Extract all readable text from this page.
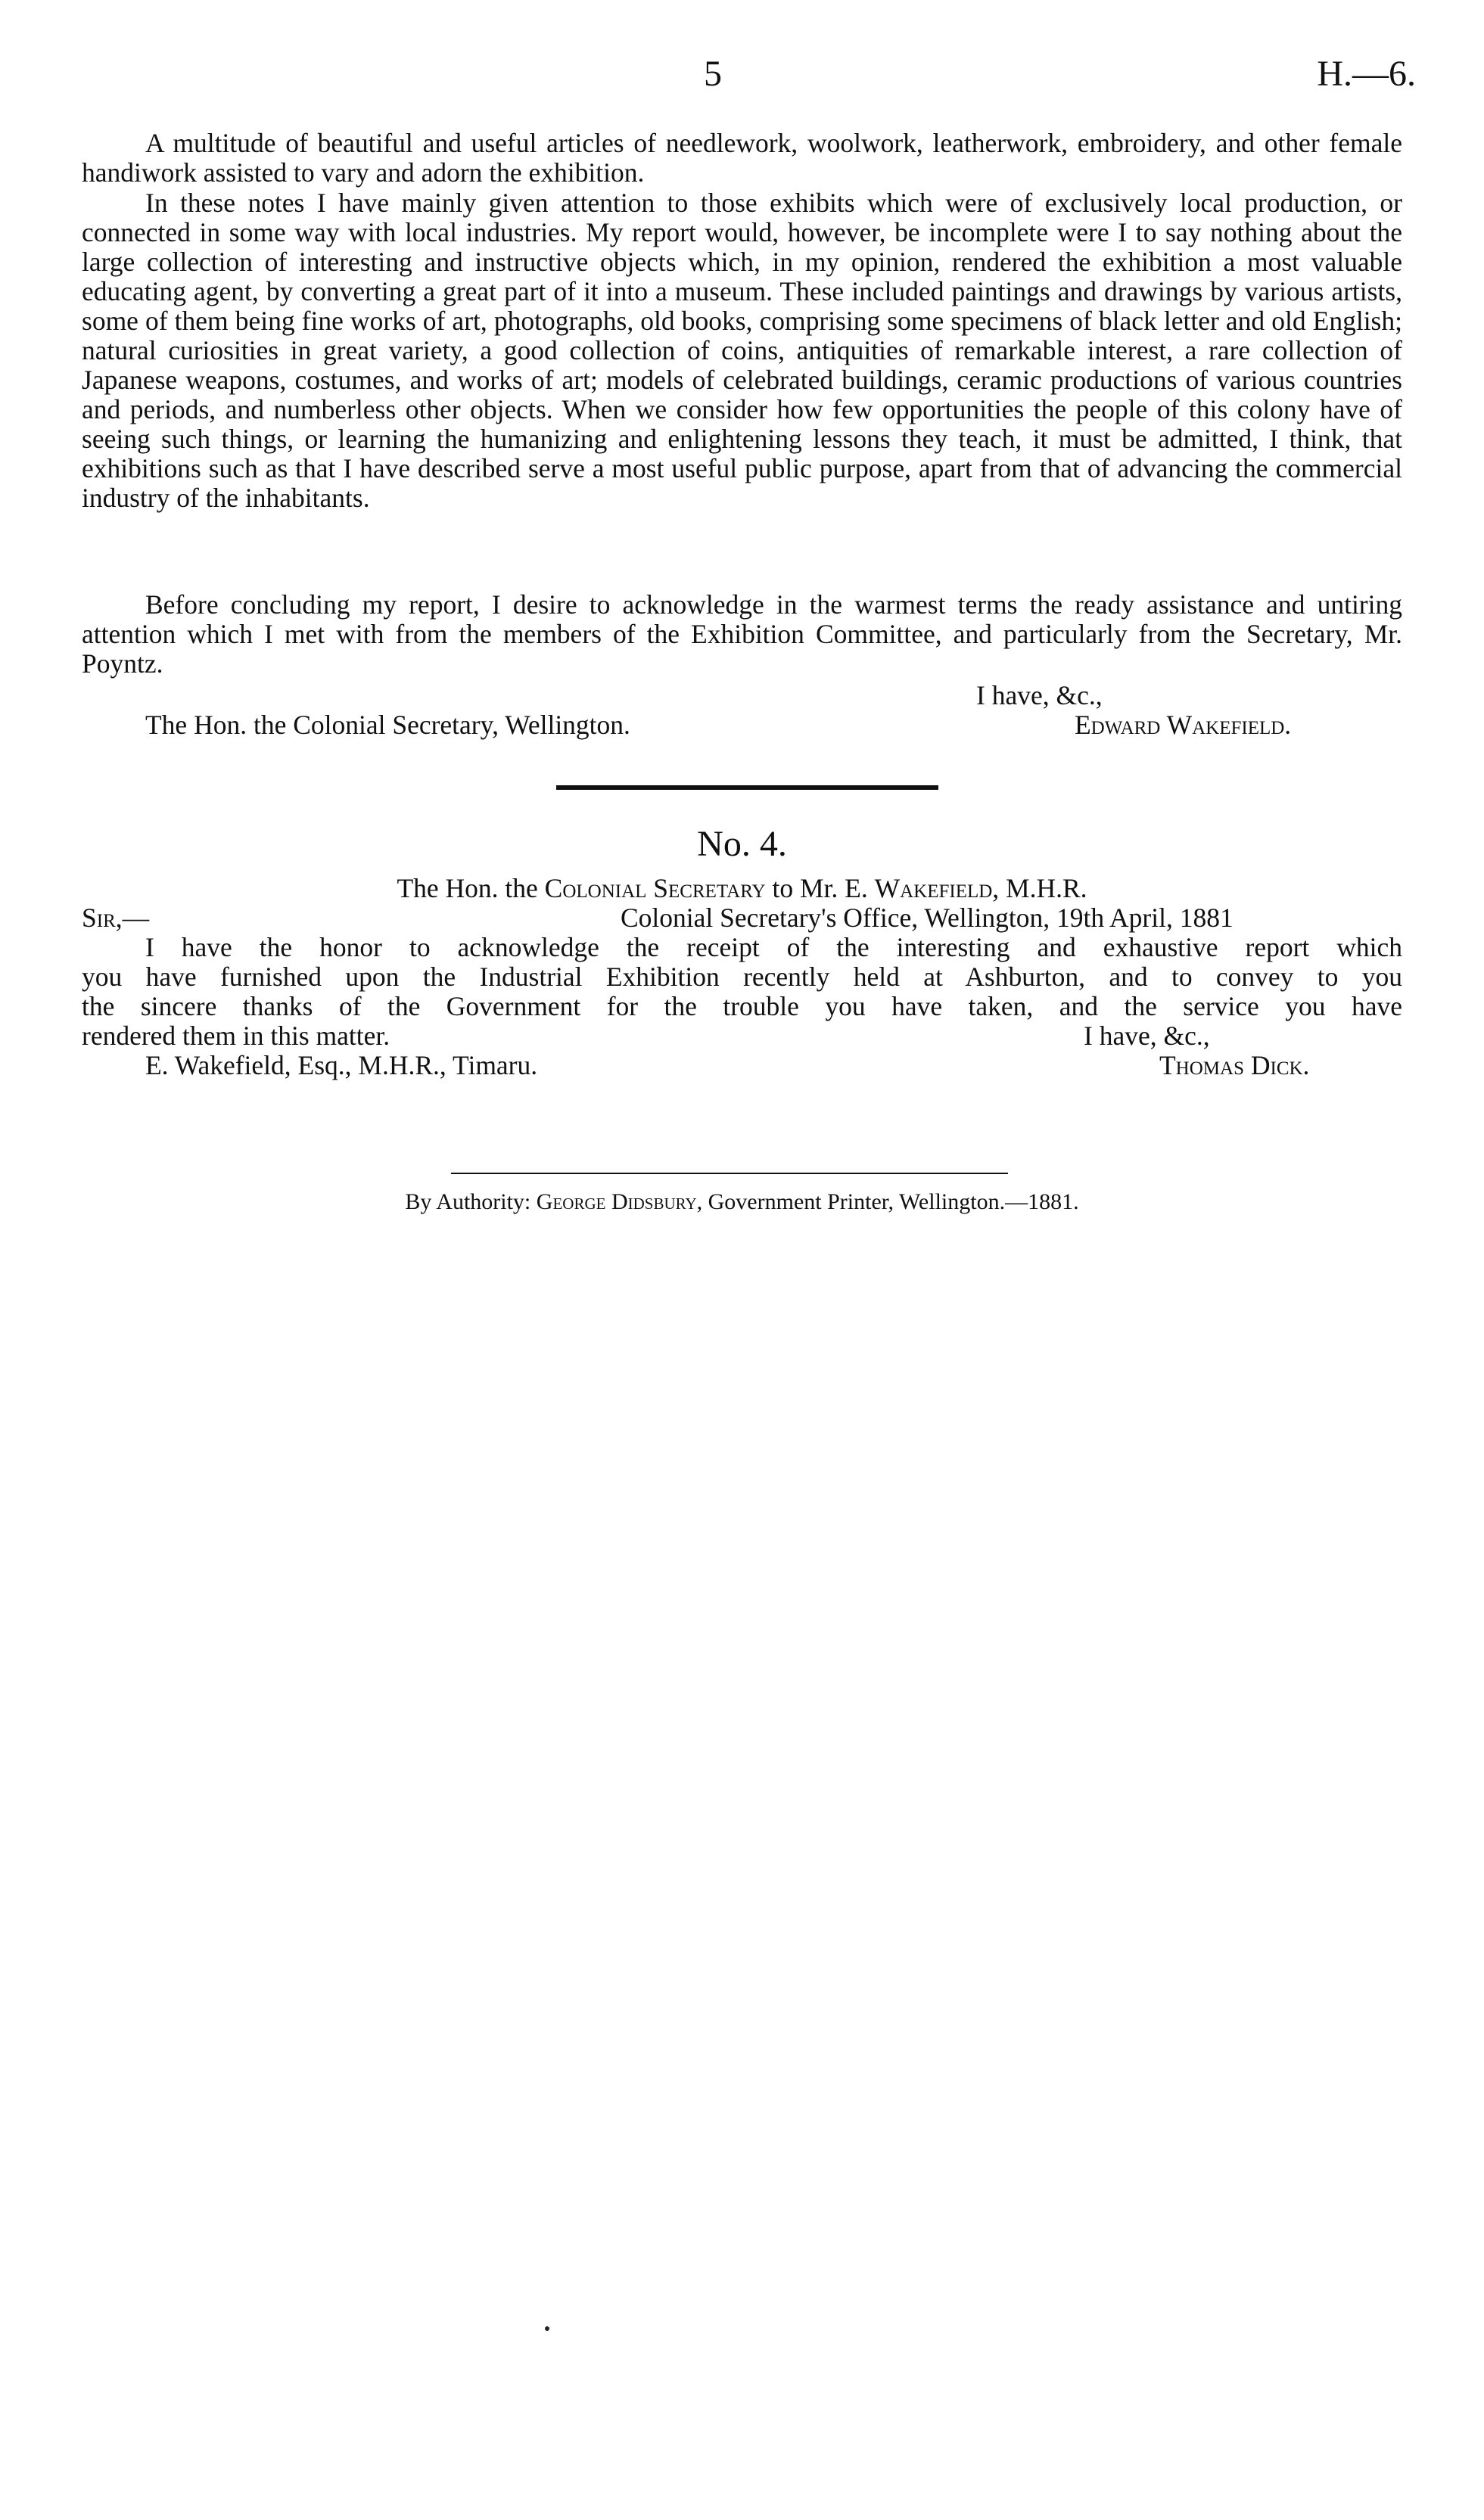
5	H.—6.

A multitude of beautiful and useful articles of needlework, woolwork, leatherwork, embroidery, and other female handiwork assisted to vary and adorn the exhibition.

In these notes I have mainly given attention to those exhibits which were of exclusively local production, or connected in some way with local industries. My report would, however, be incomplete were I to say nothing about the large collection of interesting and instructive objects which, in my opinion, rendered the exhibition a most valuable educating agent, by converting a great part of it into a museum. These included paintings and drawings by various artists, some of them being fine works of art, photographs, old books, comprising some specimens of black letter and old English; natural curiosities in great variety, a good collection of coins, antiquities of remarkable interest, a rare collection of Japanese weapons, costumes, and works of art; models of celebrated buildings, ceramic productions of various countries and periods, and numberless other objects. When we consider how few opportunities the people of this colony have of seeing such things, or learning the humanizing and enlightening lessons they teach, it must be admitted, I think, that exhibitions such as that I have described serve a most useful public purpose, apart from that of advancing the commercial industry of the inhabitants.

Before concluding my report, I desire to acknowledge in the warmest terms the ready assistance and untiring attention which I met with from the members of the Exhibition Committee, and particularly from the Secretary, Mr. Poyntz.

I have, &c.,
The Hon. the Colonial Secretary, Wellington.	Edward Wakefield.
No. 4.
The Hon. the Colonial Secretary to Mr. E. Wakefield, M.H.R.
Sir,—	Colonial Secretary's Office, Wellington, 19th April, 1881
I have the honor to acknowledge the receipt of the interesting and exhaustive report which
you have furnished upon the Industrial Exhibition recently held at Ashburton, and to convey to you
the sincere thanks of the Government for the trouble you have taken, and the service you have
rendered them in this matter.	I have, &c.,
E. Wakefield, Esq., M.H.R., Timaru.	Thomas Dick.
By Authority: George Didsbury, Government Printer, Wellington.—1881.
